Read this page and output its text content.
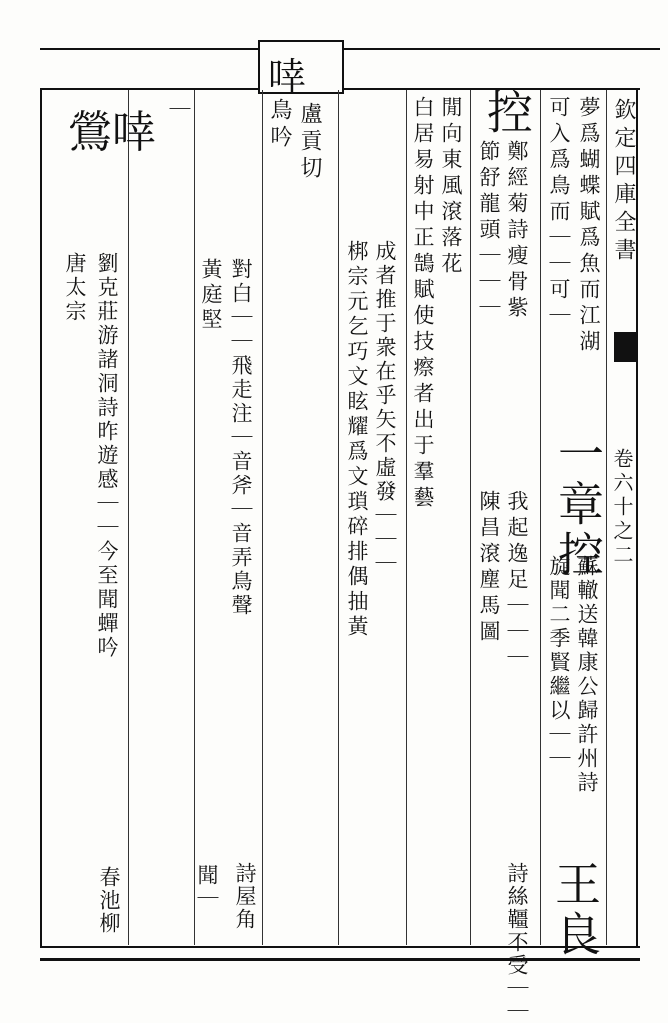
啈
欽定四庫全書
卷六十之二
盧貢切
鳥吟	夢爲蝴蝶賦爲魚而江湖
可入爲鳥而｜｜可｜
一章控
蘇轍送韓康公歸許州詩
旋聞二季賢繼以｜｜
王良
控
鄭經菊詩瘦骨紫
節舒龍頭｜｜｜
我起逸足｜｜｜
陳昌滾塵馬圖
詩絲韁不受｜｜
閒向東風滾落花
白居易射中正鵠賦使技瘵者出于羣藝
成者推于衆在乎矢不虛發｜｜｜
梆宗元乞巧文眩耀爲文瑣碎排偶抽黃
對白｜｜飛走注｜音斧｜音弄鳥聲
黃庭堅
詩屋角
聞｜
｜
鶯啈
劉克莊游諸洞詩昨遊感｜｜今至聞蟬吟
唐太宗
春池柳
